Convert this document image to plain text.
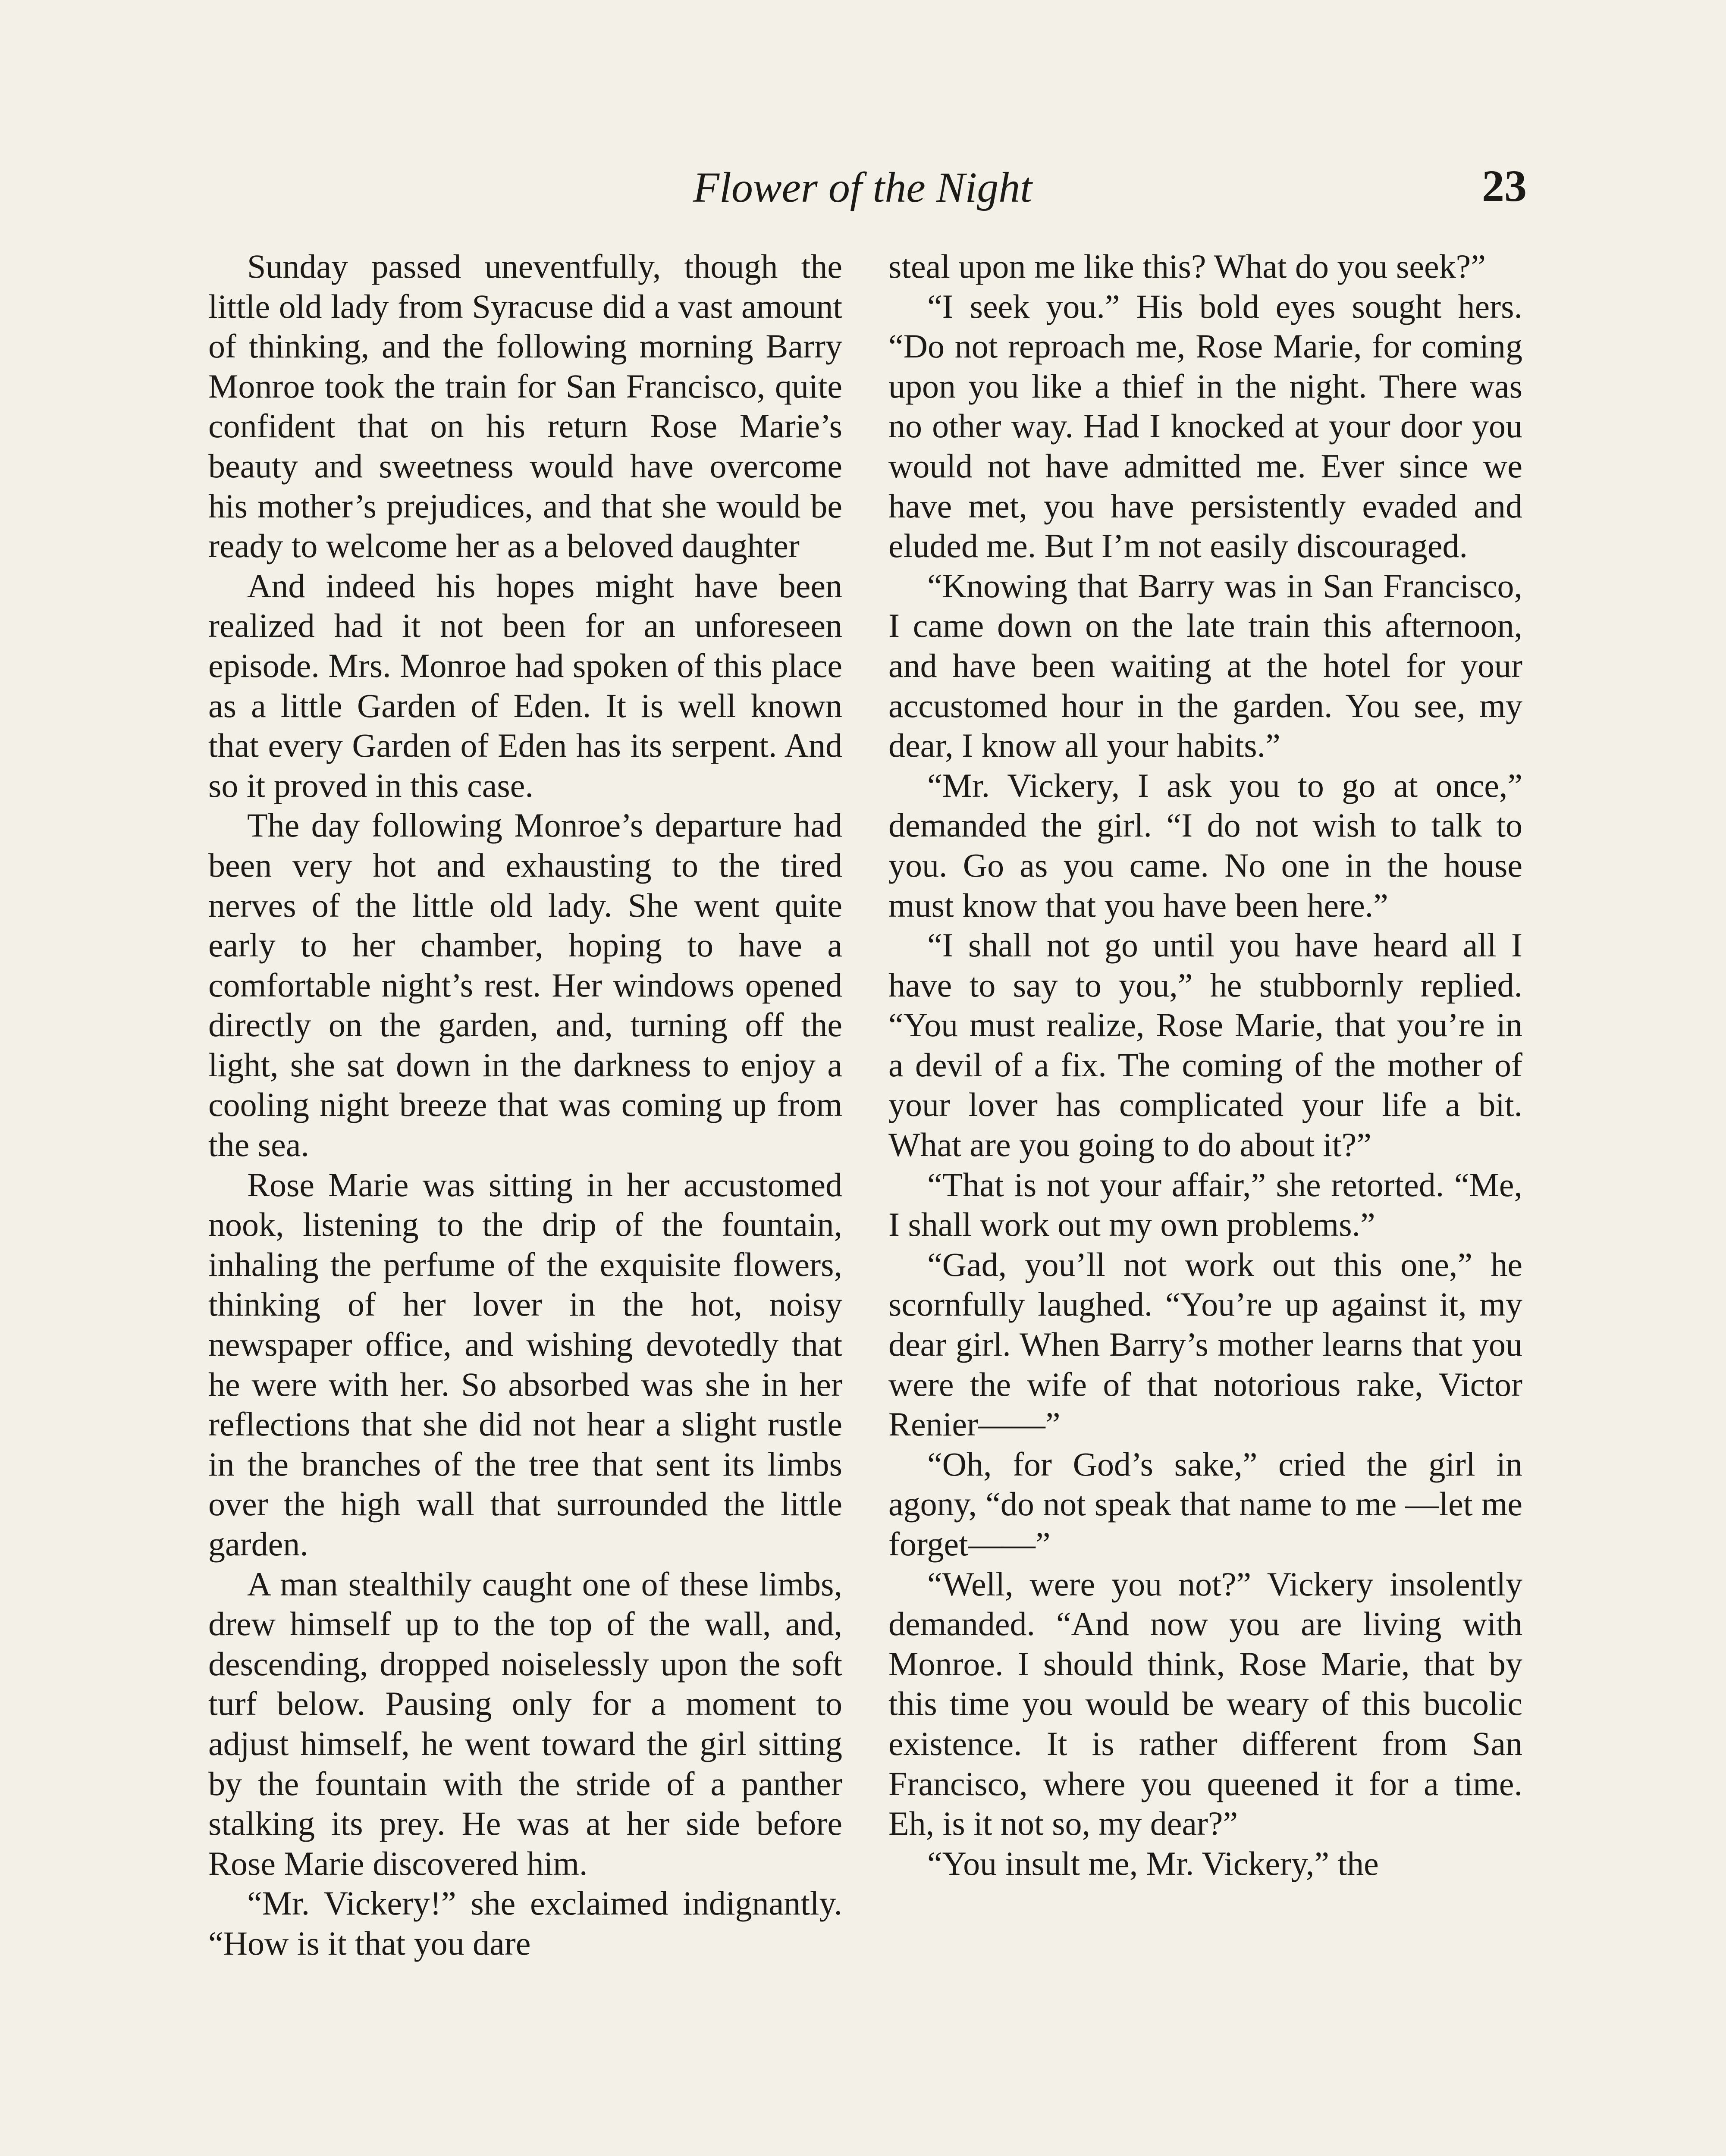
Flower of the Night	23

Sunday passed uneventfully, though the little old lady from Syracuse did a vast amount of thinking, and the following morning Barry Monroe took the train for San Francisco, quite confident that on his return Rose Marie’s beauty and sweetness would have overcome his mother’s prejudices, and that she would be ready to welcome her as a beloved daughter

And indeed his hopes might have been realized had it not been for an unforeseen episode. Mrs. Monroe had spoken of this place as a little Garden of Eden. It is well known that every Garden of Eden has its serpent. And so it proved in this case.

The day following Monroe’s departure had been very hot and exhausting to the tired nerves of the little old lady. She went quite early to her chamber, hoping to have a comfortable night’s rest. Her windows opened directly on the garden, and, turning off the light, she sat down in the darkness to enjoy a cooling night breeze that was coming up from the sea.

Rose Marie was sitting in her accustomed nook, listening to the drip of the fountain, inhaling the perfume of the exquisite flowers, thinking of her lover in the hot, noisy newspaper office, and wishing devotedly that he were with her. So absorbed was she in her reflections that she did not hear a slight rustle in the branches of the tree that sent its limbs over the high wall that surrounded the little garden.

A man stealthily caught one of these limbs, drew himself up to the top of the wall, and, descending, dropped noiselessly upon the soft turf below. Pausing only for a moment to adjust himself, he went toward the girl sitting by the fountain with the stride of a panther stalking its prey. He was at her side before Rose Marie discovered him.

“Mr. Vickery!” she exclaimed indignantly. “How is it that you dare

steal upon me like this? What do you seek?”

“I seek you.” His bold eyes sought hers. “Do not reproach me, Rose Marie, for coming upon you like a thief in the night. There was no other way. Had I knocked at your door you would not have admitted me. Ever since we have met, you have persistently evaded and eluded me. But I’m not easily discouraged.

“Knowing that Barry was in San Francisco, I came down on the late train this afternoon, and have been waiting at the hotel for your accustomed hour in the garden. You see, my dear, I know all your habits.”

“Mr. Vickery, I ask you to go at once,” demanded the girl. “I do not wish to talk to you. Go as you came. No one in the house must know that you have been here.”

“I shall not go until you have heard all I have to say to you,” he stubbornly replied. “You must realize, Rose Marie, that you’re in a devil of a fix. The coming of the mother of your lover has complicated your life a bit. What are you going to do about it?”

“That is not your affair,” she retorted. “Me, I shall work out my own problems.”

“Gad, you’ll not work out this one,” he scornfully laughed. “You’re up against it, my dear girl. When Barry’s mother learns that you were the wife of that notorious rake, Victor Renier——”

“Oh, for God’s sake,” cried the girl in agony, “do not speak that name to me —let me forget——”

“Well, were you not?” Vickery insolently demanded. “And now you are living with Monroe. I should think, Rose Marie, that by this time you would be weary of this bucolic existence. It is rather different from San Francisco, where you queened it for a time. Eh, is it not so, my dear?”

“You insult me, Mr. Vickery,” the
